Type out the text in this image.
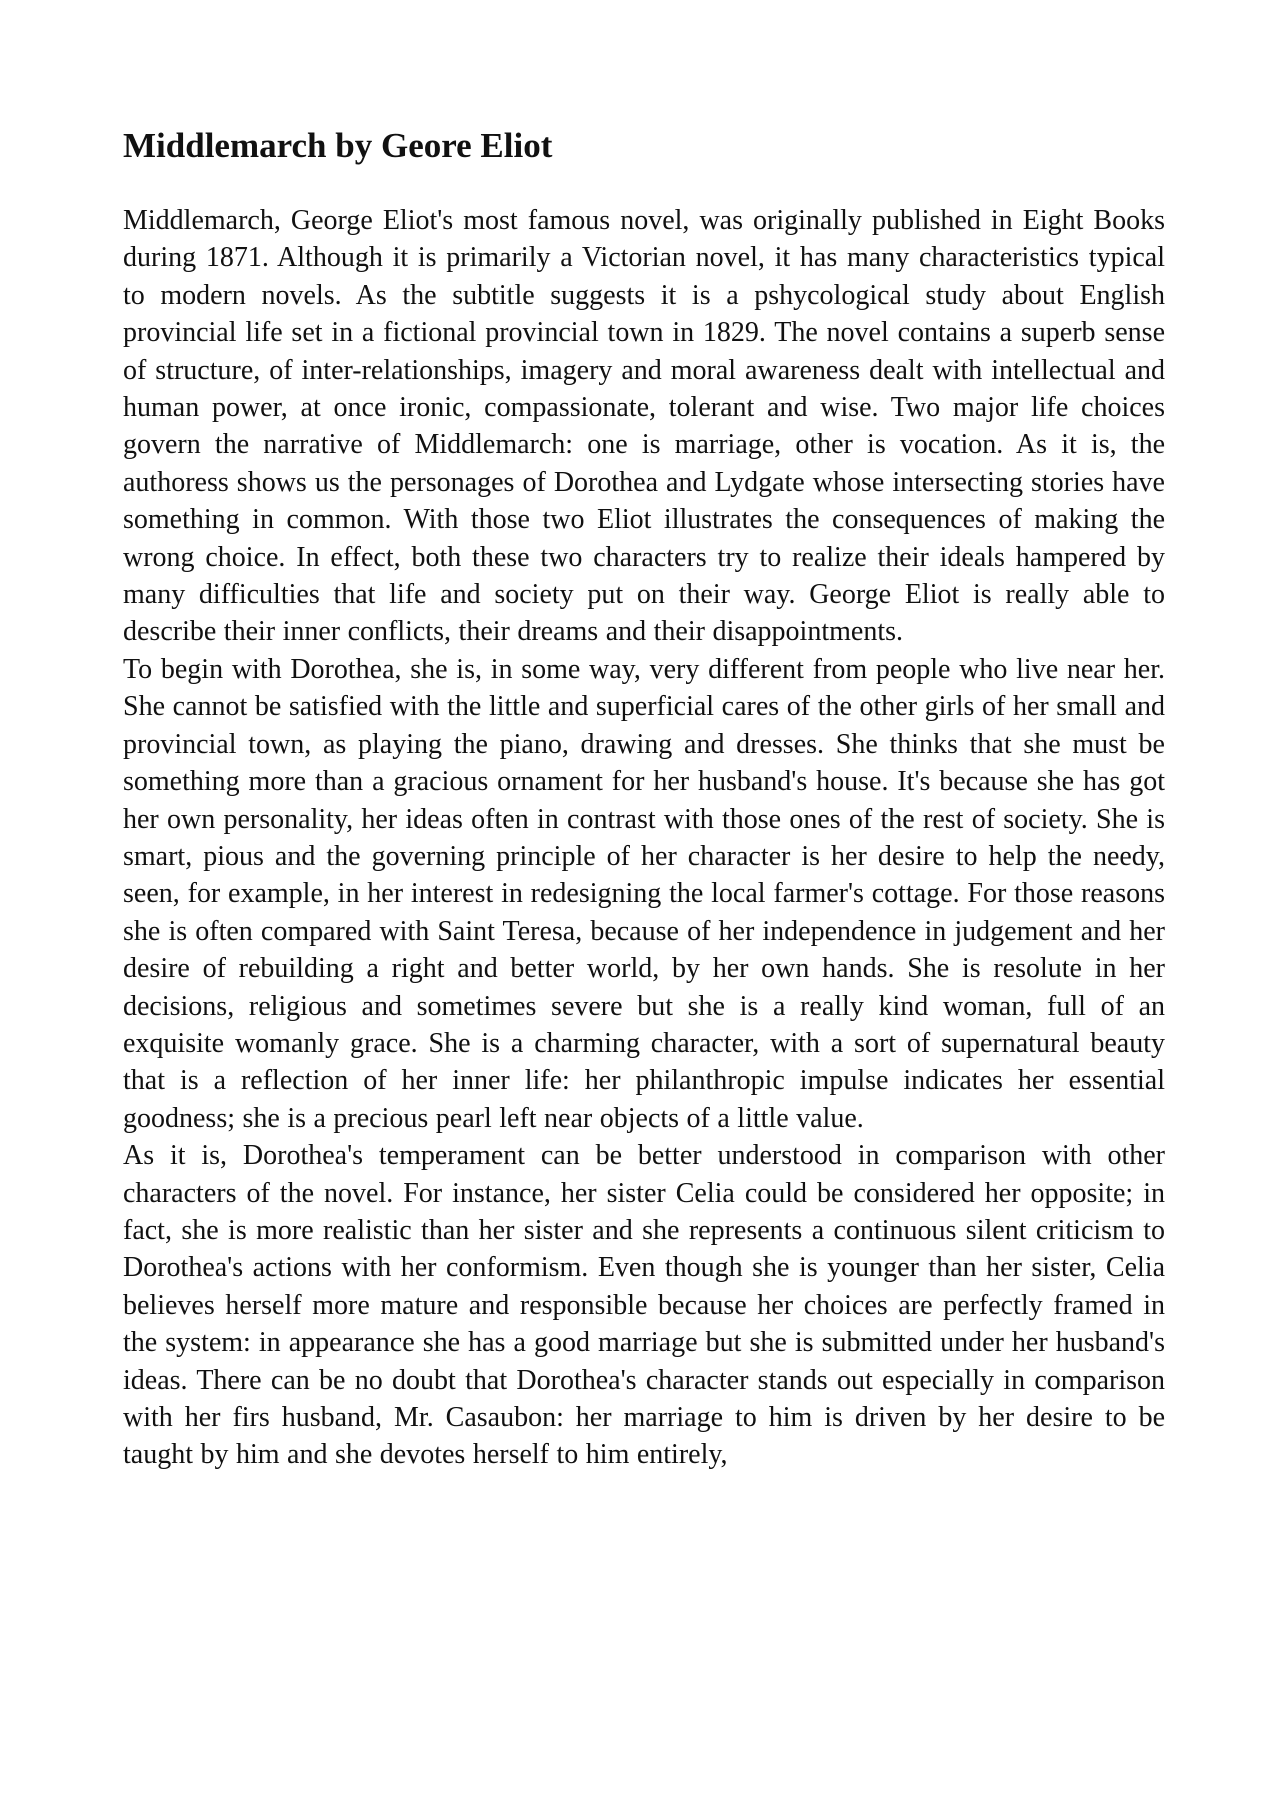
Middlemarch by Geore Eliot

Middlemarch, George Eliot's most famous novel, was originally published in Eight Books during 1871. Although it is primarily a Victorian novel, it has many characteristics typical to modern novels. As the subtitle suggests it is a pshycological study about English provincial life set in a fictional provincial town in 1829. The novel contains a superb sense of structure, of inter-relationships, imagery and moral awareness dealt with intellectual and human power, at once ironic, compassionate, tolerant and wise. Two major life choices govern the narrative of Middlemarch: one is marriage, other is vocation. As it is, the authoress shows us the personages of Dorothea and Lydgate whose intersecting stories have something in common. With those two Eliot illustrates the consequences of making the wrong choice. In effect, both these two characters try to realize their ideals hampered by many difficulties that life and society put on their way. George Eliot is really able to describe their inner conflicts, their dreams and their disappointments.

To begin with Dorothea, she is, in some way, very different from people who live near her. She cannot be satisfied with the little and superficial cares of the other girls of her small and provincial town, as playing the piano, drawing and dresses. She thinks that she must be something more than a gracious ornament for her husband's house. It's because she has got her own personality, her ideas often in contrast with those ones of the rest of society. She is smart, pious and the governing principle of her character is her desire to help the needy, seen, for example, in her interest in redesigning the local farmer's cottage. For those reasons she is often compared with Saint Teresa, because of her independence in judgement and her desire of rebuilding a right and better world, by her own hands. She is resolute in her decisions, religious and sometimes severe but she is a really kind woman, full of an exquisite womanly grace. She is a charming character, with a sort of supernatural beauty that is a reflection of her inner life: her philanthropic impulse indicates her essential goodness; she is a precious pearl left near objects of a little value.

As it is, Dorothea's temperament can be better understood in comparison with other characters of the novel. For instance, her sister Celia could be considered her opposite; in fact, she is more realistic than her sister and she represents a continuous silent criticism to Dorothea's actions with her conformism. Even though she is younger than her sister, Celia believes herself more mature and responsible because her choices are perfectly framed in the system: in appearance she has a good marriage but she is submitted under her husband's ideas. There can be no doubt that Dorothea's character stands out especially in comparison with her firs husband, Mr. Casaubon: her marriage to him is driven by her desire to be taught by him and she devotes herself to him entirely,
